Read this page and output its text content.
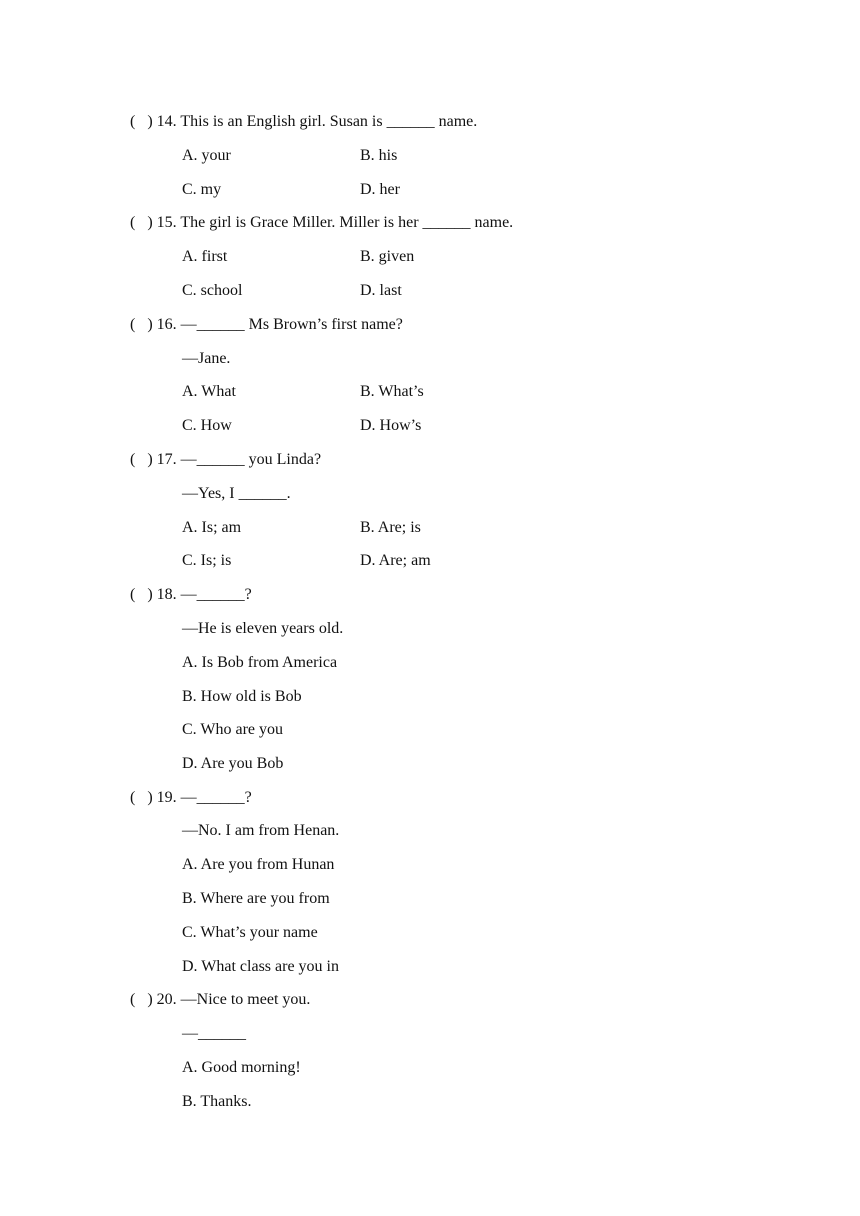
(   ) 14. This is an English girl. Susan is ______ name.
A. your	B. his
C. my	D. her
(   ) 15. The girl is Grace Miller. Miller is her ______ name.
A. first	B. given
C. school	D. last
(   ) 16. —______ Ms Brown’s first name?
—Jane.
A. What	B. What’s
C. How	D. How’s
(   ) 17. —______ you Linda?
—Yes, I ______.
A. Is; am	B. Are; is
C. Is; is	D. Are; am
(   ) 18. —______?
—He is eleven years old.
A. Is Bob from America
B. How old is Bob
C. Who are you
D. Are you Bob
(   ) 19. —______?
—No. I am from Henan.
A. Are you from Hunan
B. Where are you from
C. What’s your name
D. What class are you in
(   ) 20. —Nice to meet you.
—______
A. Good morning!
B. Thanks.
